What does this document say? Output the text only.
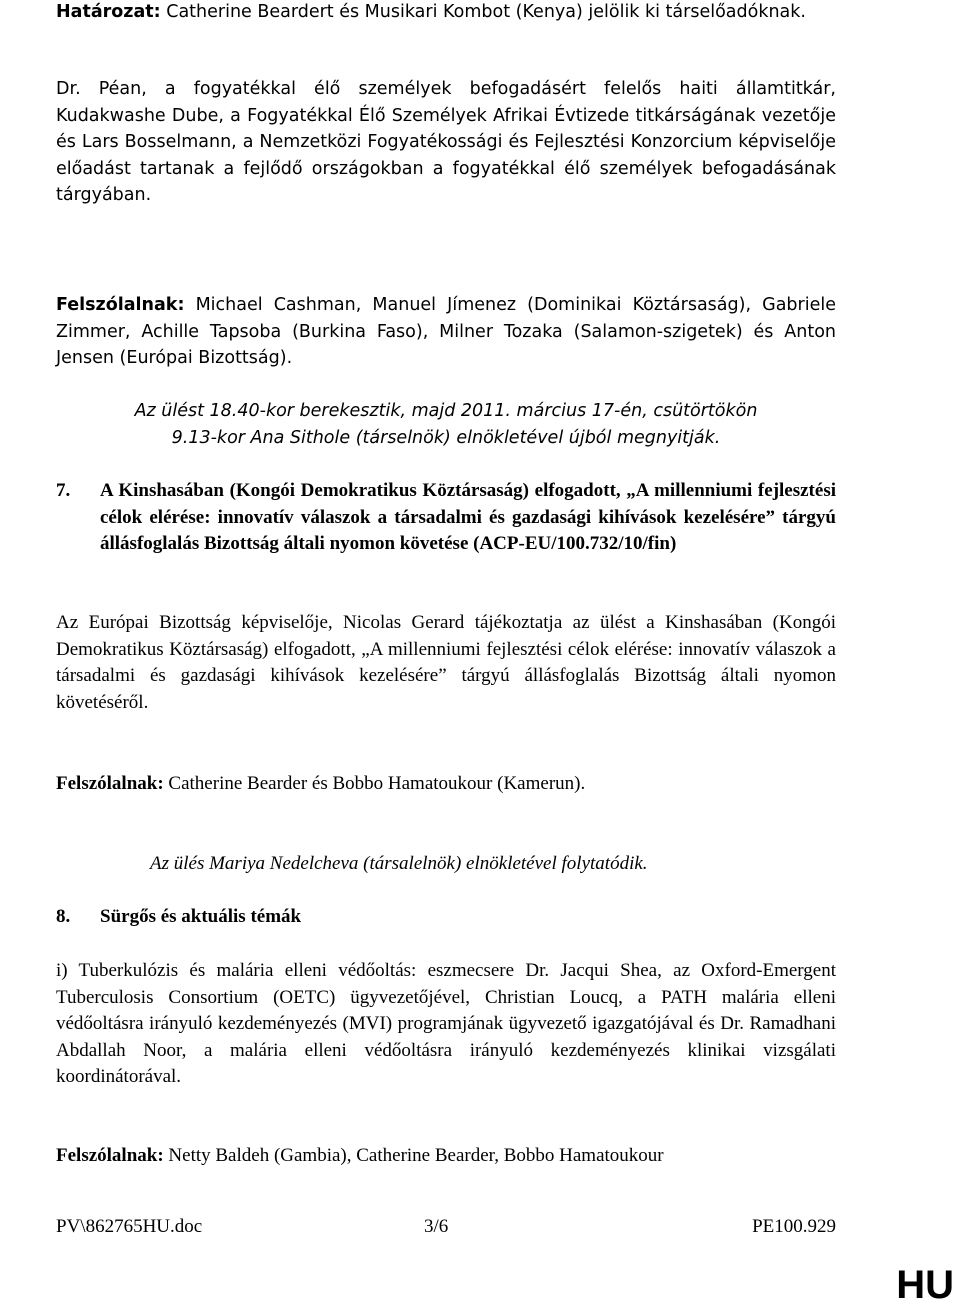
Határozat: Catherine Beardert és Musikari Kombot (Kenya) jelölik ki társelőadóknak.

Dr. Péan, a fogyatékkal élő személyek befogadásért felelős haiti államtitkár, Kudakwashe Dube, a Fogyatékkal Élő Személyek Afrikai Évtizede titkárságának vezetője és Lars Bosselmann, a Nemzetközi Fogyatékossági és Fejlesztési Konzorcium képviselője előadást tartanak a fejlődő országokban a fogyatékkal élő személyek befogadásának tárgyában.

Felszólalnak: Michael Cashman, Manuel Jímenez (Dominikai Köztársaság), Gabriele Zimmer, Achille Tapsoba (Burkina Faso), Milner Tozaka (Salamon-szigetek) és Anton Jensen (Európai Bizottság).

Az ülést 18.40-kor berekesztik, majd 2011. március 17-én, csütörtökön 9.13-kor Ana Sithole (társelnök) elnökletével újból megnyitják.

7. A Kinshasában (Kongói Demokratikus Köztársaság) elfogadott, „A millenniumi fejlesztési célok elérése: innovatív válaszok a társadalmi és gazdasági kihívások kezelésére” tárgyú állásfoglalás Bizottság általi nyomon követése (ACP-EU/100.732/10/fin)

Az Európai Bizottság képviselője, Nicolas Gerard tájékoztatja az ülést a Kinshasában (Kongói Demokratikus Köztársaság) elfogadott, „A millenniumi fejlesztési célok elérése: innovatív válaszok a társadalmi és gazdasági kihívások kezelésére” tárgyú állásfoglalás Bizottság általi nyomon követéséről.

Felszólalnak: Catherine Bearder és Bobbo Hamatoukour (Kamerun).

Az ülés Mariya Nedelcheva (társalelnök) elnökletével folytatódik.

8. Sürgős és aktuális témák

i) Tuberkulózis és malária elleni védőoltás: eszmecsere Dr. Jacqui Shea, az Oxford-Emergent Tuberculosis Consortium (OETC) ügyvezetőjével, Christian Loucq, a PATH malária elleni védőoltásra irányuló kezdeményezés (MVI) programjának ügyvezető igazgatójával és Dr. Ramadhani Abdallah Noor, a malária elleni védőoltásra irányuló kezdeményezés klinikai vizsgálati koordinátorával.

Felszólalnak: Netty Baldeh (Gambia), Catherine Bearder, Bobbo Hamatoukour

PV\862765HU.doc	3/6	PE100.929
HU
